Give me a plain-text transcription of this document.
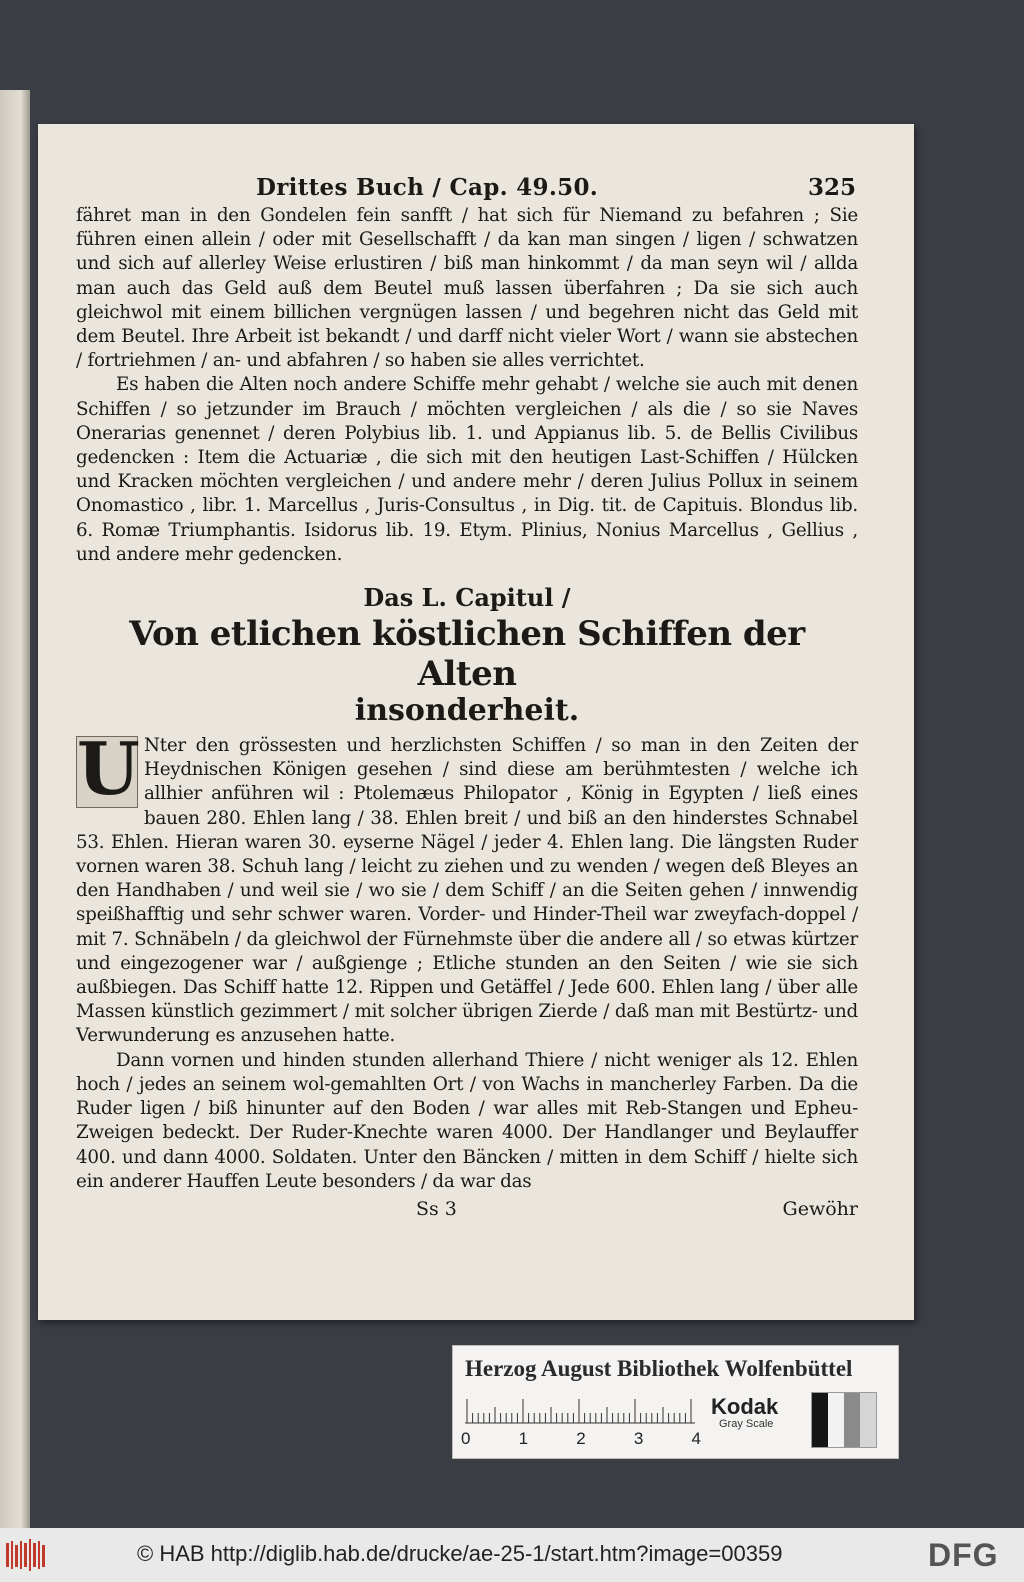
Drittes Buch / Cap. 49.50.	325

fähret man in den Gondelen fein sanfft / hat sich für Niemand zu befahren ; Sie führen einen allein / oder mit Gesellschafft / da kan man singen / ligen / schwatzen und sich auf allerley Weise erlustiren / biß man hinkommt / da man seyn wil / allda man auch das Geld auß dem Beutel muß lassen überfahren ; Da sie sich auch gleichwol mit einem billichen vergnügen lassen / und begehren nicht das Geld mit dem Beutel. Ihre Arbeit ist bekandt / und darff nicht vieler Wort / wann sie abstechen / fortriehmen / an- und abfahren / so haben sie alles verrichtet.

Es haben die Alten noch andere Schiffe mehr gehabt / welche sie auch mit denen Schiffen / so jetzunder im Brauch / möchten vergleichen / als die / so sie Naves Onerarias genennet / deren Polybius lib. 1. und Appianus lib. 5. de Bellis Civilibus gedencken : Item die Actuariæ , die sich mit den heutigen Last-Schiffen / Hülcken und Kracken möchten vergleichen / und andere mehr / deren Julius Pollux in seinem Onomastico , libr. 1. Marcellus , Juris-Consultus , in Dig. tit. de Capituis. Blondus lib. 6. Romæ Triumphantis. Isidorus lib. 19. Etym. Plinius, Nonius Marcellus , Gellius , und andere mehr gedencken.

Das L. Capitul /
Von etlichen köstlichen Schiffen der Alten
insonderheit.
U Nter den grössesten und herzlichsten Schiffen / so man in den Zeiten der Heydnischen Königen gesehen / sind diese am berühmtesten / welche ich allhier anführen wil : Ptolemæus Philopator , König in Egypten / ließ eines bauen 280. Ehlen lang / 38. Ehlen breit / und biß an den hinderstes Schnabel 53. Ehlen. Hieran waren 30. eyserne Nägel / jeder 4. Ehlen lang. Die längsten Ruder vornen waren 38. Schuh lang / leicht zu ziehen und zu wenden / wegen deß Bleyes an den Handhaben / und weil sie / wo sie / dem Schiff / an die Seiten gehen / innwendig speißhafftig und sehr schwer waren. Vorder- und Hinder-Theil war zweyfach-doppel / mit 7. Schnäbeln / da gleichwol der Fürnehmste über die andere all / so etwas kürtzer und eingezogener war / außgienge ; Etliche stunden an den Seiten / wie sie sich außbiegen. Das Schiff hatte 12. Rippen und Getäffel / Jede 600. Ehlen lang / über alle Massen künstlich gezimmert / mit solcher übrigen Zierde / daß man mit Bestürtz- und Verwunderung es anzusehen hatte.

Dann vornen und hinden stunden allerhand Thiere / nicht weniger als 12. Ehlen hoch / jedes an seinem wol-gemahlten Ort / von Wachs in mancherley Farben. Da die Ruder ligen / biß hinunter auf den Boden / war alles mit Reb-Stangen und Epheu-Zweigen bedeckt. Der Ruder-Knechte waren 4000. Der Handlanger und Beylauffer 400. und dann 4000. Soldaten. Unter den Bäncken / mitten in dem Schiff / hielte sich ein anderer Hauffen Leute besonders / da war das

Ss 3	Gewöhr
Herzog August Bibliothek Wolfenbüttel
0	1	2	3	4
Kodak
Gray Scale
© HAB http://diglib.hab.de/drucke/ae-25-1/start.htm?image=00359	DFG
